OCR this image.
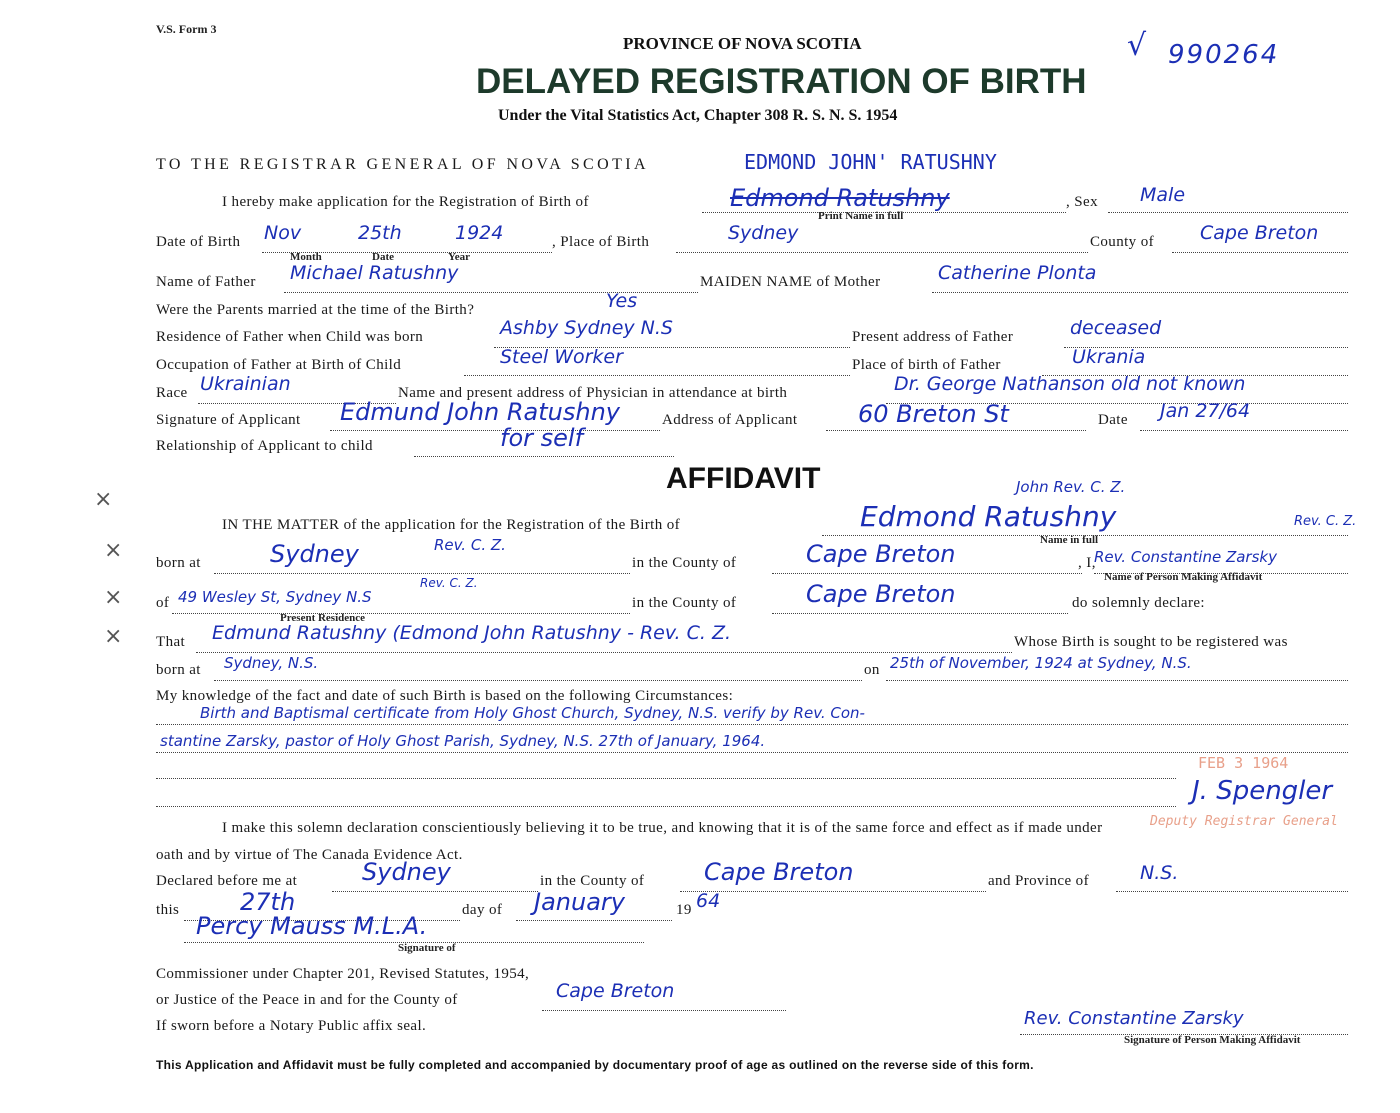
V.S. Form 3
PROVINCE OF NOVA SCOTIA
DELAYED REGISTRATION OF BIRTH
Under the Vital Statistics Act, Chapter 308 R. S. N. S. 1954
√ 990264
TO THE REGISTRAR GENERAL OF NOVA SCOTIA	EDMOND JOHN' RATUSHNY
I hereby make application for the Registration of Birth of	Edmond Ratushny
Print Name in full
, Sex Male
Date of Birth Nov	25th	1924
Month	Date	Year
, Place of Birth	Sydney	County of Cape Breton
Name of Father Michael Ratushny	MAIDEN NAME of Mother	Catherine Plonta
Were the Parents married at the time of the Birth?	Yes
Residence of Father when Child was born	Ashby Sydney N.S	Present address of Father	deceased
Occupation of Father at Birth of Child	Steel Worker	Place of birth of Father	Ukrania
Race Ukrainian	Name and present address of Physician in attendance at birth	Dr. George Nathanson old not known
Signature of Applicant Edmund John Ratushny	Address of Applicant	60 Breton St	Date Jan 27/64
Relationship of Applicant to child	for self
AFFIDAVIT
×
×
×
×
IN THE MATTER of the application for the Registration of the Birth of	Edmond Ratushny
John Rev. C. Z.
Name in full
born at	Sydney	Rev. C. Z.
in the County of	Cape Breton	, I,
Rev. Constantine Zarsky
Rev. C. Z.
Name of Person Making Affidavit
of 49 Wesley St, Sydney N.S
Rev. C. Z.
Present Residence
in the County of	Cape Breton	do solemnly declare:
That Edmund Ratushny (Edmond John Ratushny - Rev. C. Z.	Whose Birth is sought to be registered was
born at Sydney, N.S.	on 25th of November, 1924 at Sydney, N.S.
My knowledge of the fact and date of such Birth is based on the following Circumstances:
Birth and Baptismal certificate from Holy Ghost Church, Sydney, N.S. verify by Rev. Con-
stantine Zarsky, pastor of Holy Ghost Parish, Sydney, N.S. 27th of January, 1964.
FEB 3 1964
J. Spengler
Deputy Registrar General
I make this solemn declaration conscientiously believing it to be true, and knowing that it is of the same force and effect as if made under
oath and by virtue of The Canada Evidence Act.
Declared before me at	Sydney	in the County of Cape Breton	and Province of	N.S.
this	27th	day of January	19 64
Percy Mauss M.L.A.
Signature of
Commissioner under Chapter 201, Revised Statutes, 1954,
or Justice of the Peace in and for the County of	Cape Breton
If sworn before a Notary Public affix seal.	Rev. Constantine Zarsky
Signature of Person Making Affidavit
This Application and Affidavit must be fully completed and accompanied by documentary proof of age as outlined on the reverse side of this form.
